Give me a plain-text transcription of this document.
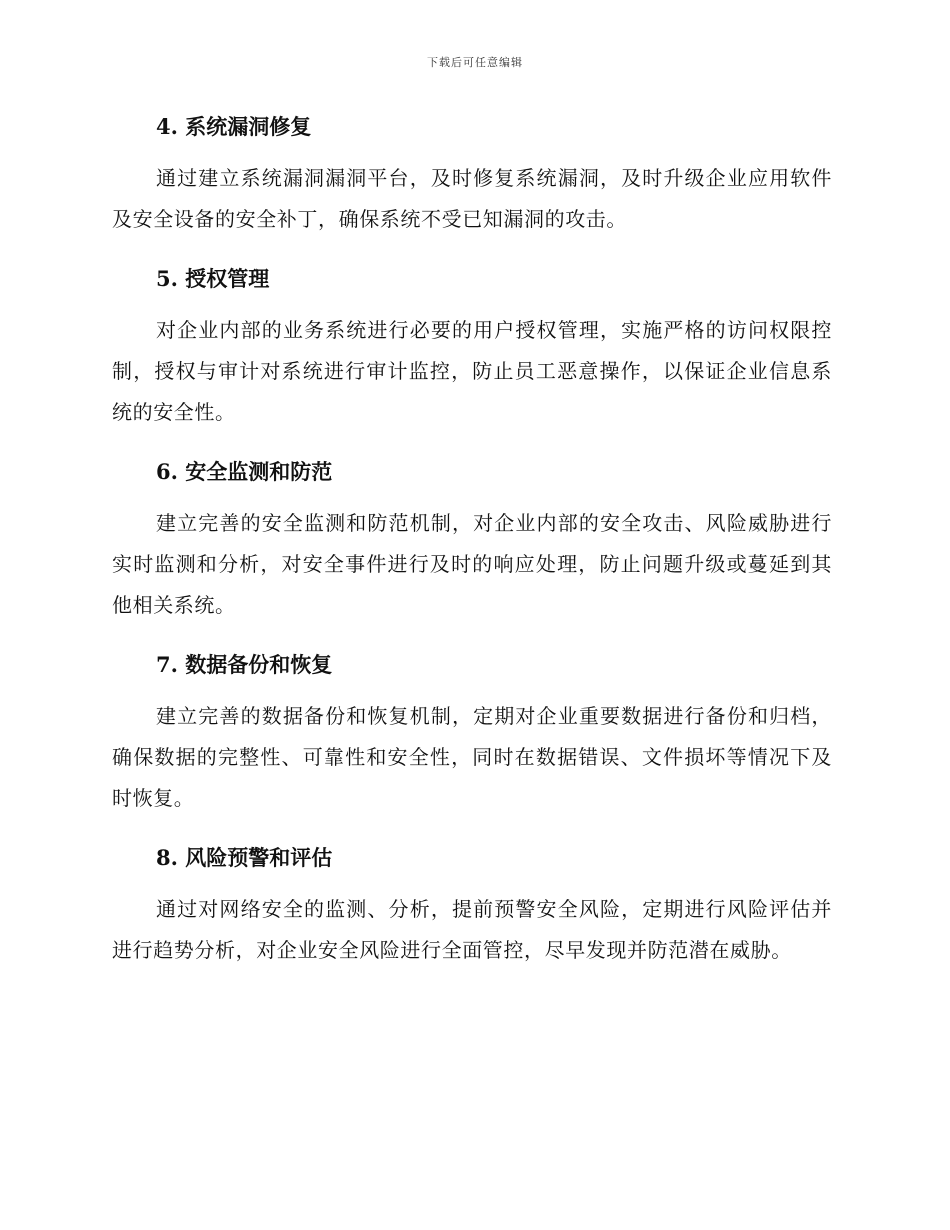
下载后可任意编辑
4. 系统漏洞修复

通过建立系统漏洞漏洞平台，及时修复系统漏洞，及时升级企业应用软件及安全设备的安全补丁，确保系统不受已知漏洞的攻击。

5. 授权管理

对企业内部的业务系统进行必要的用户授权管理，实施严格的访问权限控制，授权与审计对系统进行审计监控，防止员工恶意操作，以保证企业信息系统的安全性。

6. 安全监测和防范

建立完善的安全监测和防范机制，对企业内部的安全攻击、风险威胁进行实时监测和分析，对安全事件进行及时的响应处理，防止问题升级或蔓延到其他相关系统。

7. 数据备份和恢复

建立完善的数据备份和恢复机制，定期对企业重要数据进行备份和归档，确保数据的完整性、可靠性和安全性，同时在数据错误、文件损坏等情况下及时恢复。

8. 风险预警和评估

通过对网络安全的监测、分析，提前预警安全风险，定期进行风险评估并进行趋势分析，对企业安全风险进行全面管控，尽早发现并防范潜在威胁。
